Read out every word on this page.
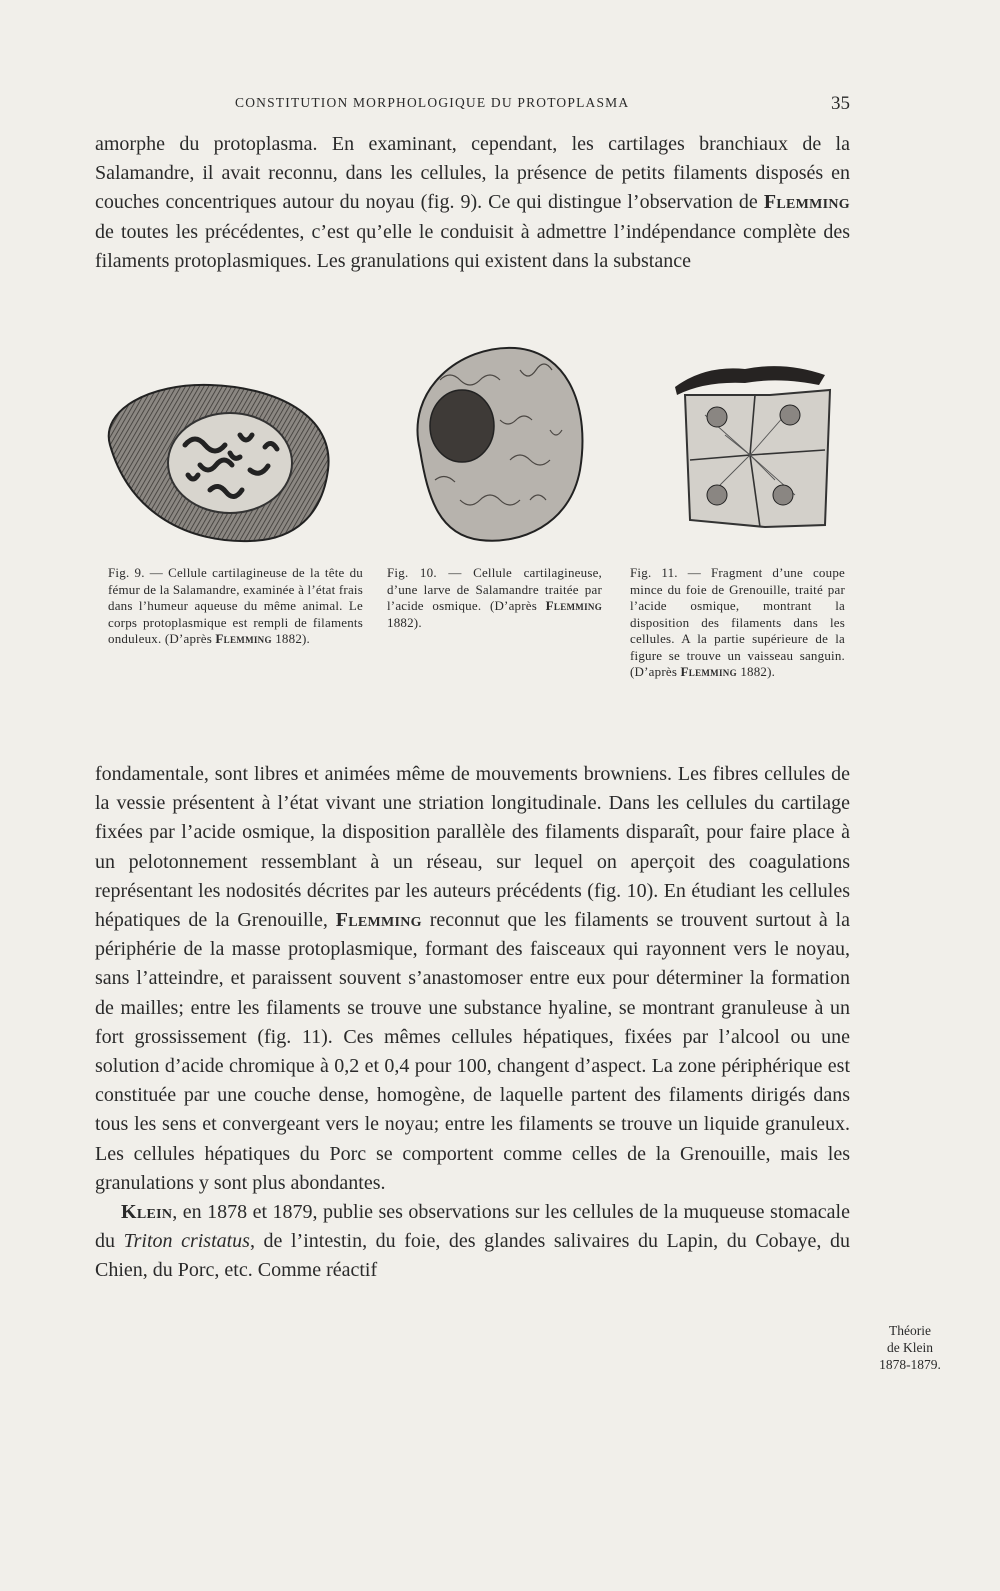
CONSTITUTION MORPHOLOGIQUE DU PROTOPLASMA	35

amorphe du protoplasma. En examinant, cependant, les cartilages branchiaux de la Salamandre, il avait reconnu, dans les cellules, la présence de petits filaments disposés en couches concentriques autour du noyau (fig. 9). Ce qui distingue l’observation de Flemming de toutes les précédentes, c’est qu’elle le conduisit à admettre l’indépendance complète des filaments protoplasmiques. Les granulations qui existent dans la substance

Fig. 9. — Cellule cartilagineuse de la tête du fémur de la Salamandre, examinée à l’état frais dans l’humeur aqueuse du même animal. Le corps protoplasmique est rempli de filaments onduleux. (D’après Flemming 1882).

Fig. 10. — Cellule cartilagineuse, d’une larve de Salamandre traitée par l’acide osmique. (D’après Flemming 1882).

Fig. 11. — Fragment d’une coupe mince du foie de Grenouille, traité par l’acide osmique, montrant la disposition des filaments dans les cellules. A la partie supérieure de la figure se trouve un vaisseau sanguin. (D’après Flemming 1882).

fondamentale, sont libres et animées même de mouvements browniens. Les fibres cellules de la vessie présentent à l’état vivant une striation longitudinale. Dans les cellules du cartilage fixées par l’acide osmique, la disposition parallèle des filaments disparaît, pour faire place à un pelotonnement ressemblant à un réseau, sur lequel on aperçoit des coagulations représentant les nodosités décrites par les auteurs précédents (fig. 10). En étudiant les cellules hépatiques de la Grenouille, Flemming reconnut que les filaments se trouvent surtout à la périphérie de la masse protoplasmique, formant des faisceaux qui rayonnent vers le noyau, sans l’atteindre, et paraissent souvent s’anastomoser entre eux pour déterminer la formation de mailles; entre les filaments se trouve une substance hyaline, se montrant granuleuse à un fort grossissement (fig. 11). Ces mêmes cellules hépatiques, fixées par l’alcool ou une solution d’acide chromique à 0,2 et 0,4 pour 100, changent d’aspect. La zone périphérique est constituée par une couche dense, homogène, de laquelle partent des filaments dirigés dans tous les sens et convergeant vers le noyau; entre les filaments se trouve un liquide granuleux. Les cellules hépatiques du Porc se comportent comme celles de la Grenouille, mais les granulations y sont plus abondantes.

Klein, en 1878 et 1879, publie ses observations sur les cellules de la muqueuse stomacale du Triton cristatus, de l’intestin, du foie, des glandes salivaires du Lapin, du Cobaye, du Chien, du Porc, etc. Comme réactif

Théorie
de Klein
1878-1879.
